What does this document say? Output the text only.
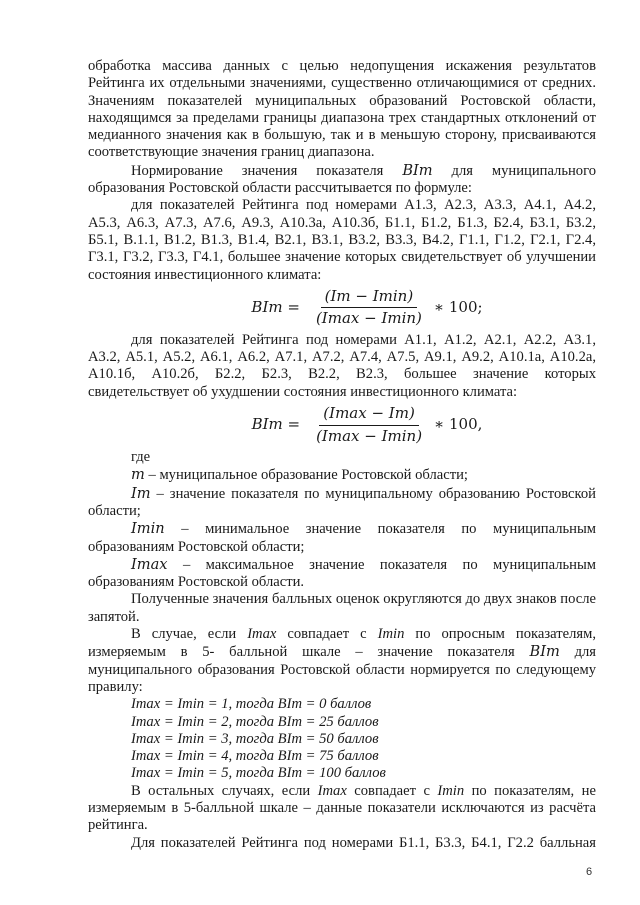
обработка массива данных с целью недопущения искажения результатов Рейтинга их отдельными значениями, существенно отличающимися от средних. Значениям показателей муниципальных образований Ростовской области, находящимся за пределами границы диапазона трех стандартных отклонений от медианного значения как в большую, так и в меньшую сторону, присваиваются соответствующие значения границ диапазона.

Нормирование значения показателя BIm для муниципального образования Ростовской области рассчитывается по формуле:

для показателей Рейтинга под номерами А1.3, А2.3, А3.3, А4.1, А4.2, А5.3, А6.3, А7.3, А7.6, А9.3, А10.3а, А10.3б, Б1.1, Б1.2, Б1.3, Б2.4, Б3.1, Б3.2, Б5.1, В.1.1, В1.2, В1.3, В1.4, В2.1, В3.1, В3.2, В3.3, В4.2, Г1.1, Г1.2, Г2.1, Г2.4, Г3.1, Г3.2, Г3.3, Г4.1, большее значение которых свидетельствует об улучшении состояния инвестиционного климата:

BIm = $\frac{(Im - Imin)}{(Imax - Imin)}$ ∗ 100;

для показателей Рейтинга под номерами А1.1, А1.2, А2.1, А2.2, А3.1, А3.2, А5.1, А5.2, А6.1, А6.2, А7.1, А7.2, А7.4, А7.5, А9.1, А9.2, А10.1а, А10.2а, А10.1б, А10.2б, Б2.2, Б2.3, В2.2, В2.3, большее значение которых свидетельствует об ухудшении состояния инвестиционного климата:

BIm = $\frac{(Imax - Im)}{(Imax - Imin)}$ ∗ 100,

где

m – муниципальное образование Ростовской области;

Im – значение показателя по муниципальному образованию Ростовской области;

Imin – минимальное значение показателя по муниципальным образованиям Ростовской области;

Imax – максимальное значение показателя по муниципальным образованиям Ростовской области.

Полученные значения балльных оценок округляются до двух знаков после запятой.

В случае, если Imax совпадает с Imin по опросным показателям, измеряемым в 5- балльной шкале – значение показателя BIm для муниципального образования Ростовской области нормируется по следующему правилу:

Imax = Imin = 1, тогда BIm = 0 баллов
Imax = Imin = 2, тогда BIm = 25 баллов
Imax = Imin = 3, тогда BIm = 50 баллов
Imax = Imin = 4, тогда BIm = 75 баллов
Imax = Imin = 5, тогда BIm = 100 баллов

В остальных случаях, если Imax совпадает с Imin по показателям, не измеряемым в 5-балльной шкале – данные показатели исключаются из расчёта рейтинга.

Для показателей Рейтинга под номерами Б1.1, Б3.3, Б4.1, Г2.2 балльная

6
